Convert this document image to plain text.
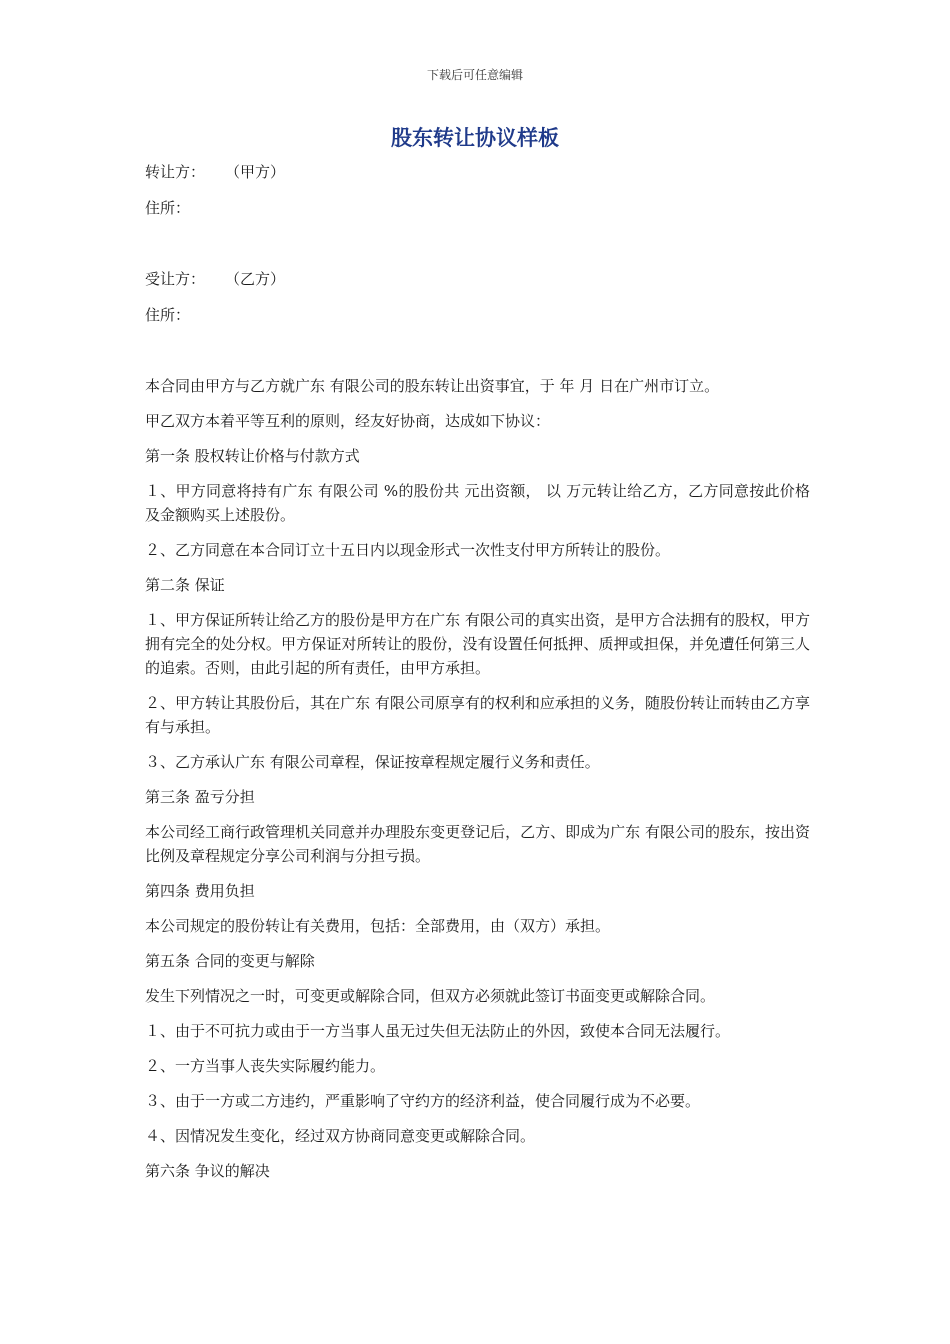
下载后可任意编辑
股东转让协议样板
转让方： （甲方）
住所：
受让方： （乙方）
住所：
本合同由甲方与乙方就广东 有限公司的股东转让出资事宜，于 年 月 日在广州市订立。
甲乙双方本着平等互利的原则，经友好协商，达成如下协议：
第一条 股权转让价格与付款方式
１、甲方同意将持有广东 有限公司 %的股份共 元出资额， 以 万元转让给乙方，乙方同意按此价格及金额购买上述股份。
２、乙方同意在本合同订立十五日内以现金形式一次性支付甲方所转让的股份。
第二条 保证
１、甲方保证所转让给乙方的股份是甲方在广东 有限公司的真实出资，是甲方合法拥有的股权，甲方拥有完全的处分权。甲方保证对所转让的股份，没有设置任何抵押、质押或担保，并免遭任何第三人的追索。否则，由此引起的所有责任，由甲方承担。
２、甲方转让其股份后，其在广东 有限公司原享有的权利和应承担的义务，随股份转让而转由乙方享有与承担。
３、乙方承认广东 有限公司章程，保证按章程规定履行义务和责任。
第三条 盈亏分担
本公司经工商行政管理机关同意并办理股东变更登记后，乙方、即成为广东 有限公司的股东，按出资比例及章程规定分享公司利润与分担亏损。
第四条 费用负担
本公司规定的股份转让有关费用，包括：全部费用，由（双方）承担。
第五条 合同的变更与解除
发生下列情况之一时，可变更或解除合同，但双方必须就此签订书面变更或解除合同。
１、由于不可抗力或由于一方当事人虽无过失但无法防止的外因，致使本合同无法履行。
２、一方当事人丧失实际履约能力。
３、由于一方或二方违约，严重影响了守约方的经济利益，使合同履行成为不必要。
４、因情况发生变化，经过双方协商同意变更或解除合同。
第六条 争议的解决
